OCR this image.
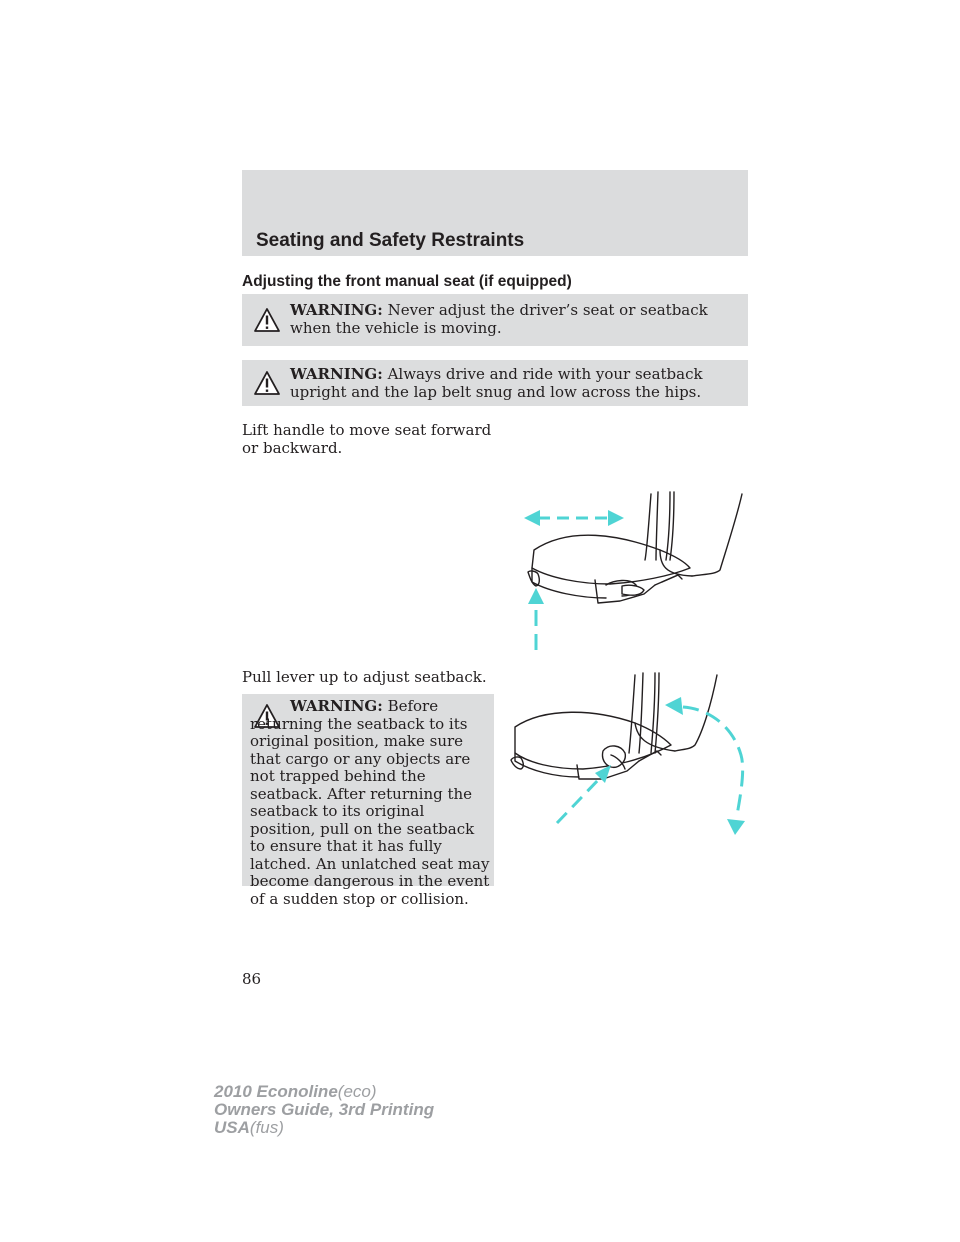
Seating and Safety Restraints
Adjusting the front manual seat (if equipped)
WARNING: Never adjust the driver’s seat or seatback when the vehicle is moving.
WARNING: Always drive and ride with your seatback upright and the lap belt snug and low across the hips.
Lift handle to move seat forward or backward.
Pull lever up to adjust seatback.
WARNING: Before returning the seatback to its original position, make sure that cargo or any objects are not trapped behind the seatback. After returning the seatback to its original position, pull on the seatback to ensure that it has fully latched. An unlatched seat may become dangerous in the event of a sudden stop or collision.
86
2010 Econoline(eco)
Owners Guide, 3rd Printing
USA(fus)
